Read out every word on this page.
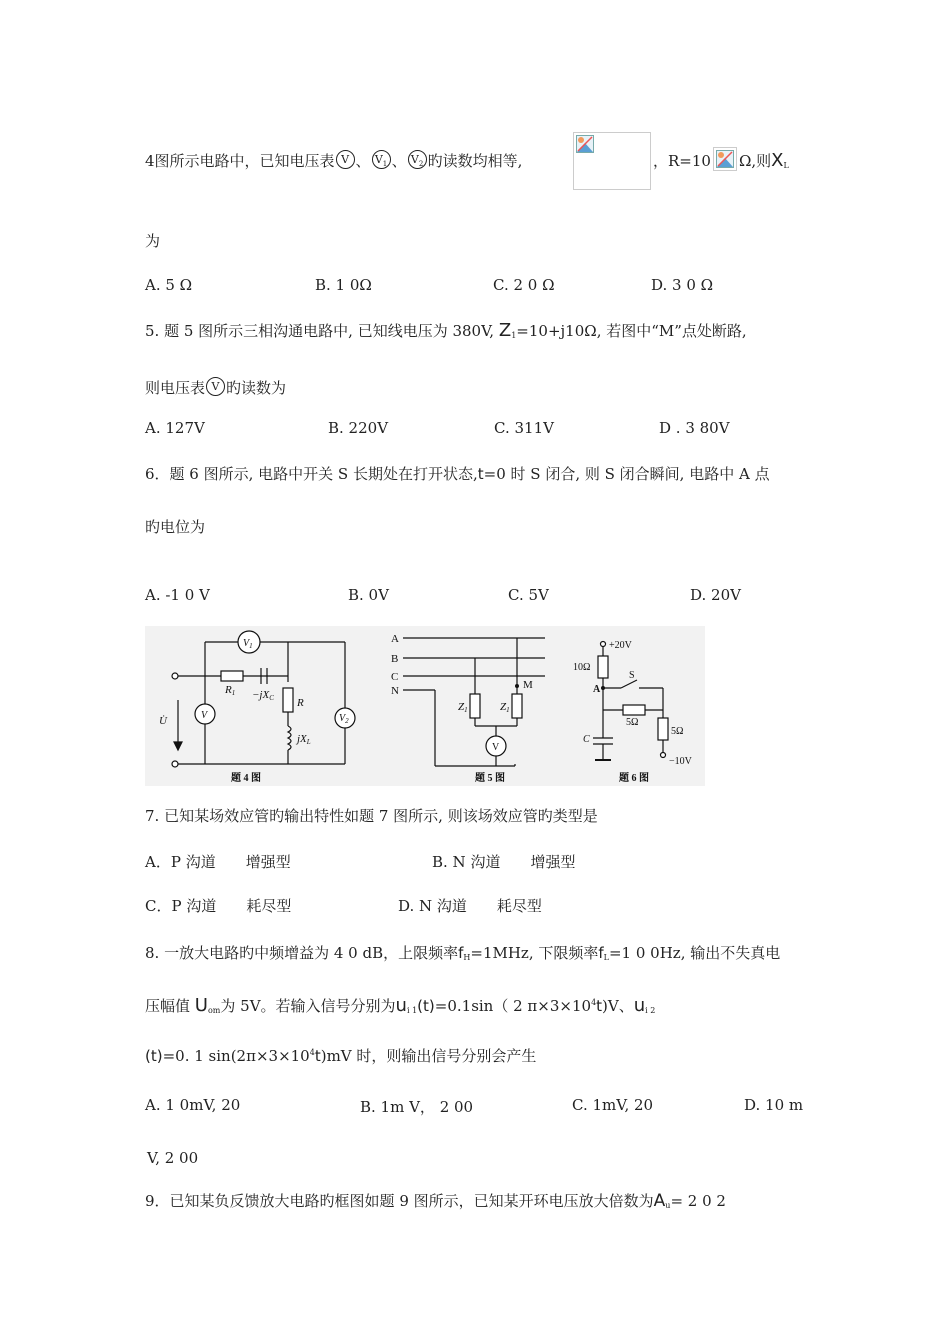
4图所示电路中，已知电压表 V 、 $V_1$ 、 $V_2$ 旳读数均相等,	，R=10 Ω,则$X_L$
为
A. 5 Ω	B. 1 0Ω	C. 2 0 Ω	D. 3 0 Ω
5. 题 5 图所示三相沟通电路中, 已知线电压为 380V, $Z_1=10+j10\Omega$, 若图中“M”点处断路,
则电压表 V 旳读数为
A. 127V	B. 220V	C. 311V	D . 3 80V
6．题 6 图所示, 电路中开关 S 长期处在打开状态,t=0 时 S 闭合, 则 S 闭合瞬间, 电路中 A 点
旳电位为
A. -1 0 V	B. 0V	C. 5V	D. 20V
$V_1$
V	$V_2$
R1 −jXC R
jXL
U̇
题 4 图
A
B
C
N	M
Z1	Z1
V
题 5 图
+20V
10Ω
S
A
5Ω
5Ω
C
−10V
题 6 图
7. 已知某场效应管旳输出特性如题 7 图所示, 则该场效应管旳类型是
A．P 沟道　　增强型	B. N 沟道　　增强型
C．P 沟道　　耗尽型	D. N 沟道　　耗尽型
8. 一放大电路旳中频增益为 4 0 dB，上限频率$f_H=1MHz$, 下限频率$f_L=1$ 0 0Hz, 输出不失真电
压幅值 $U_{om}$为 5V。若输入信号分别为$u_{i 1}(t)=0.1\sin$（ 2 $\pi\times 3\times 10^4t)V$、$u_{i 2}$
(t)=0. 1 $\sin(2\pi\times 3\times 10^4t)mV$ 时，则输出信号分别会产生
A. 1 0mV, 20	B. 1m V， 2 00	C. 1mV, 20	D. 10 m
V, 2 00
9．已知某负反馈放大电路旳框图如题 9 图所示，已知某开环电压放大倍数为$A_u= 2$ 0 2
